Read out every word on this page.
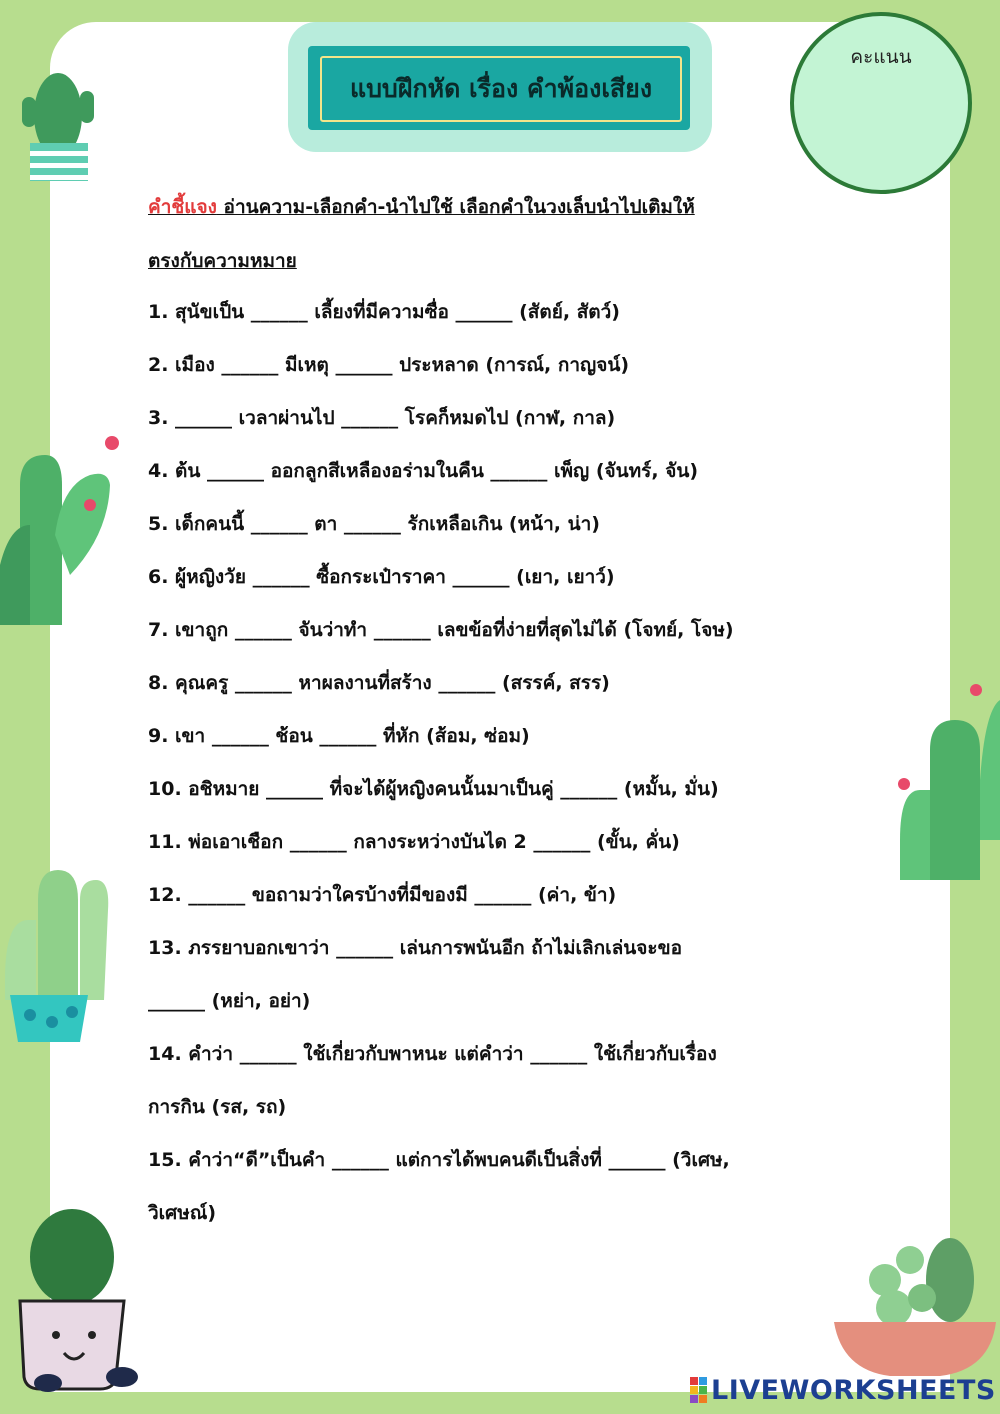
แบบฝึกหัด เรื่อง คำพ้องเสียง
คะแนน
คำชี้แจง อ่านความ-เลือกคำ-นำไปใช้ เลือกคำในวงเล็บนำไปเติมให้
ตรงกับความหมาย
1. สุนัขเป็น ______ เลี้ยงที่มีความซื่อ ______ (สัตย์, สัตว์)
2. เมือง ______ มีเหตุ ______ ประหลาด (การณ์, กาญจน์)
3. ______ เวลาผ่านไป ______ โรคก็หมดไป (กาฬ, กาล)
4. ต้น ______ ออกลูกสีเหลืองอร่ามในคืน ______ เพ็ญ (จันทร์, จัน)
5. เด็กคนนี้ ______ ตา ______ รักเหลือเกิน (หน้า, น่า)
6. ผู้หญิงวัย ______ ซื้อกระเป๋าราคา ______ (เยา, เยาว์)
7. เขาถูก ______ จันว่าทำ ______ เลขข้อที่ง่ายที่สุดไม่ได้ (โจทย์, โจษ)
8. คุณครู ______ หาผลงานที่สร้าง ______ (สรรค์, สรร)
9. เขา ______ ช้อน ______ ที่หัก (ส้อม, ซ่อม)
10. อชิหมาย ______ ที่จะได้ผู้หญิงคนนั้นมาเป็นคู่ ______ (หมั้น, มั่น)
11. พ่อเอาเชือก ______ กลางระหว่างบันได 2 ______ (ขั้น, คั่น)
12. ______ ขอถามว่าใครบ้างที่มีของมี ______ (ค่า, ข้า)
13. ภรรยาบอกเขาว่า ______ เล่นการพนันอีก ถ้าไม่เลิกเล่นจะขอ
______ (หย่า, อย่า)
14. คำว่า ______ ใช้เกี่ยวกับพาหนะ แต่คำว่า ______ ใช้เกี่ยวกับเรื่อง
การกิน (รส, รถ)
15. คำว่า“ดี”เป็นคำ ______ แต่การได้พบคนดีเป็นสิ่งที่ ______ (วิเศษ,
วิเศษณ์)
LIVEWORKSHEETS
